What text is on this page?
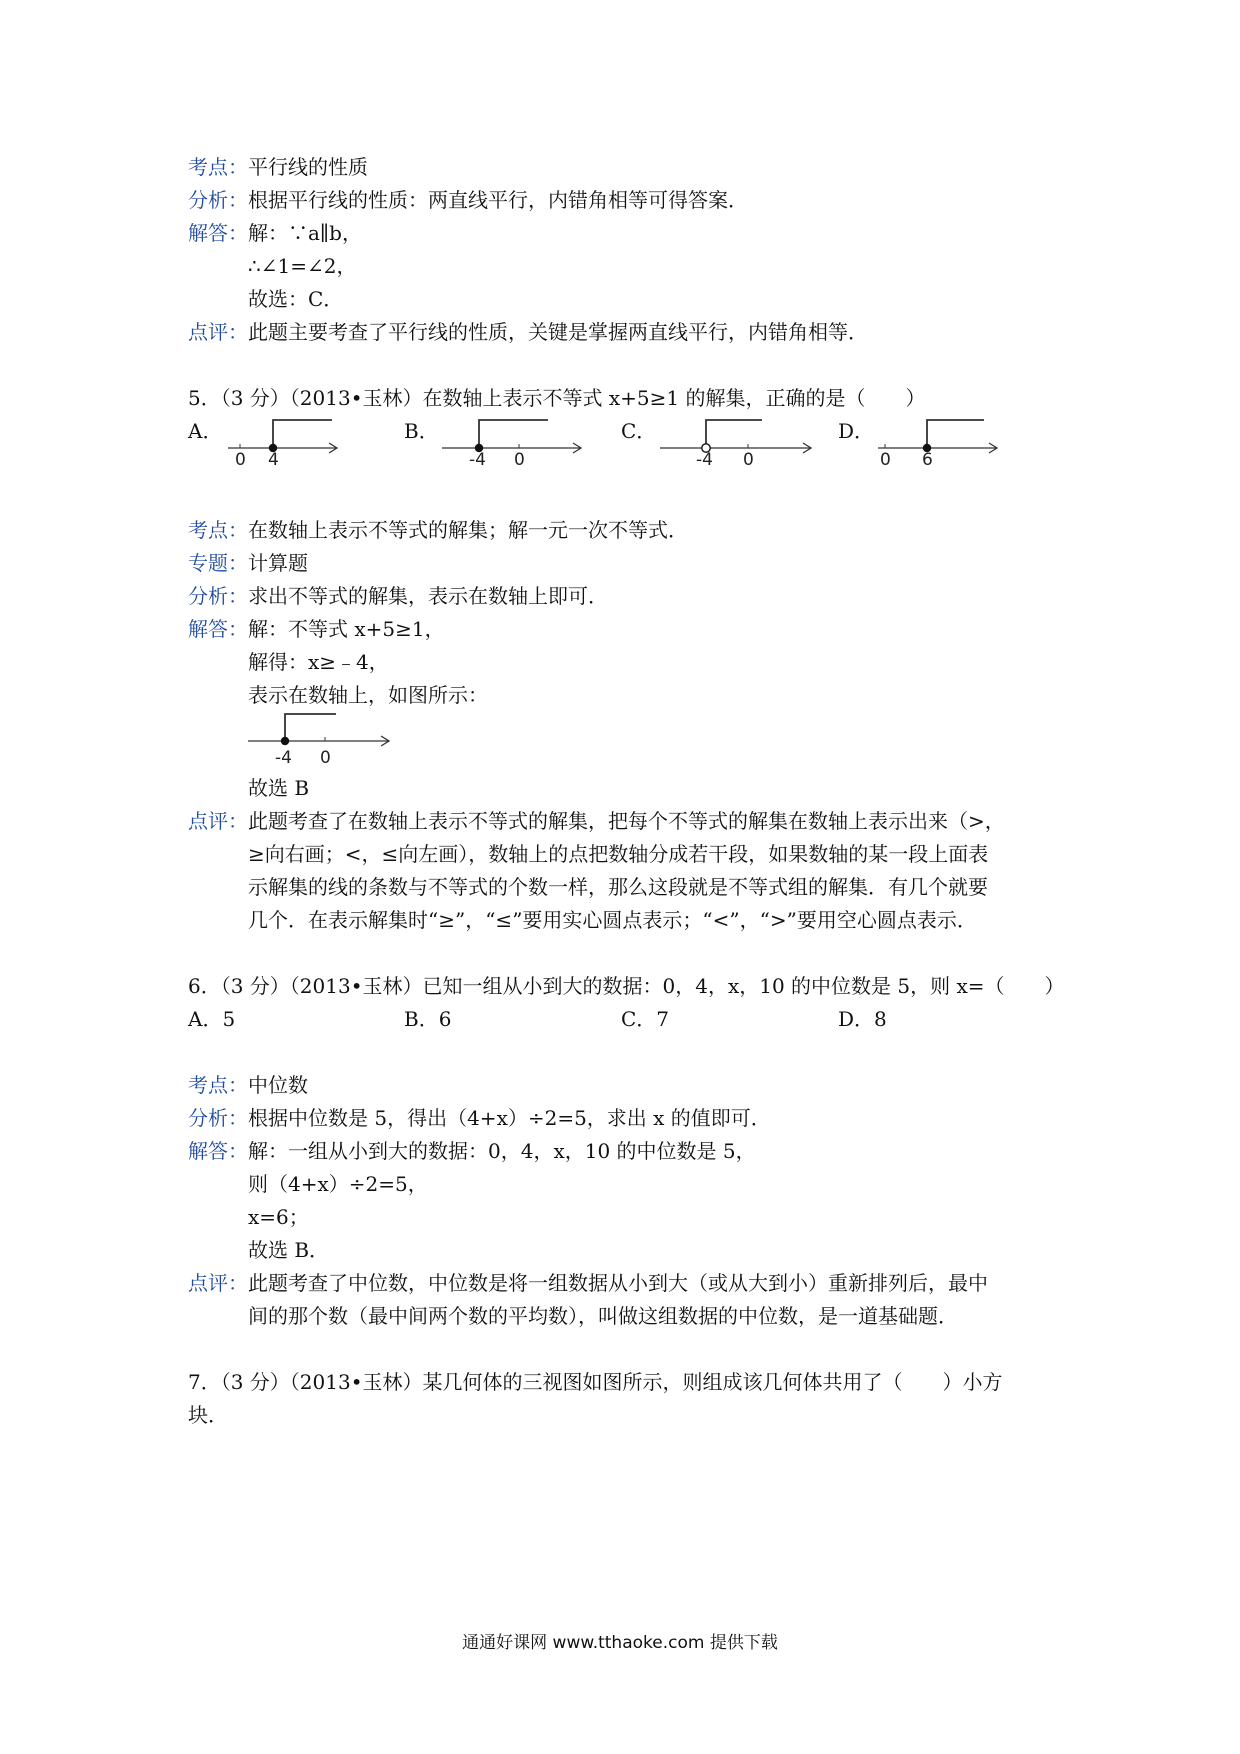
考点：平行线的性质
分析：根据平行线的性质：两直线平行，内错角相等可得答案．
解答：解：∵a∥b，
∴∠1=∠2，
故选：C．
点评：此题主要考查了平行线的性质，关键是掌握两直线平行，内错角相等．
5．（3 分）（2013•玉林）在数轴上表示不等式 x+5≥1 的解集，正确的是（　　）
A．
0 4
B．
-4 0
C．
-4 0
D．
0 6
考点：在数轴上表示不等式的解集；解一元一次不等式．
专题：计算题
分析：求出不等式的解集，表示在数轴上即可．
解答：解：不等式 x+5≥1，
解得：x≥﹣4，
表示在数轴上，如图所示：
-4 0
故选 B
点评：此题考查了在数轴上表示不等式的解集，把每个不等式的解集在数轴上表示出来（>，
≥向右画；<，≤向左画），数轴上的点把数轴分成若干段，如果数轴的某一段上面表
示解集的线的条数与不等式的个数一样，那么这段就是不等式组的解集．有几个就要
几个．在表示解集时“≥”，“≤”要用实心圆点表示；“<”，“>”要用空心圆点表示．
6．（3 分）（2013•玉林）已知一组从小到大的数据：0，4，x，10 的中位数是 5，则 x=（　　）
A．5	B．6	C．7	D．8
考点：中位数
分析：根据中位数是 5，得出（4+x）÷2=5，求出 x 的值即可．
解答：解：一组从小到大的数据：0，4，x，10 的中位数是 5，
则（4+x）÷2=5，
x=6；
故选 B．
点评：此题考查了中位数，中位数是将一组数据从小到大（或从大到小）重新排列后，最中
间的那个数（最中间两个数的平均数），叫做这组数据的中位数，是一道基础题．
7．（3 分）（2013•玉林）某几何体的三视图如图所示，则组成该几何体共用了（　　）小方
块．
通通好课网 www.tthaoke.com 提供下载
